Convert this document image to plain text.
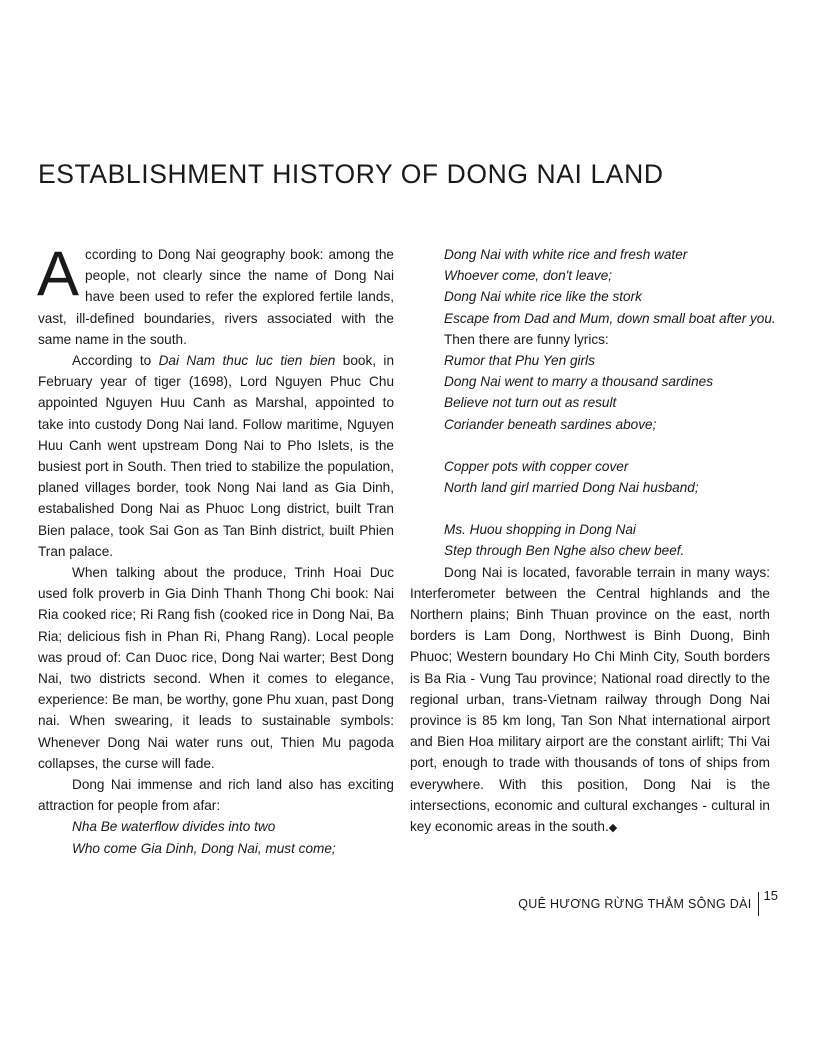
ESTABLISHMENT HISTORY OF DONG NAI LAND

According to Dong Nai geography book: among the people, not clearly since the name of Dong Nai have been used to refer the explored fertile lands, vast, ill-defined boundaries, rivers associated with the same name in the south.

According to Dai Nam thuc luc tien bien book, in February year of tiger (1698), Lord Nguyen Phuc Chu appointed Nguyen Huu Canh as Marshal, appointed to take into custody Dong Nai land. Follow maritime, Nguyen Huu Canh went upstream Dong Nai to Pho Islets, is the busiest port in South. Then tried to stabilize the population, planed villages border, took Nong Nai land as Gia Dinh, estabalished Dong Nai as Phuoc Long district, built Tran Bien palace, took Sai Gon as Tan Binh district, built Phien Tran palace.

When talking about the produce, Trinh Hoai Duc used folk proverb in Gia Dinh Thanh Thong Chi book: Nai Ria cooked rice; Ri Rang fish (cooked rice in Dong Nai, Ba Ria; delicious fish in Phan Ri, Phang Rang). Local people was proud of: Can Duoc rice, Dong Nai warter; Best Dong Nai, two districts second. When it comes to elegance, experience: Be man, be worthy, gone Phu xuan, past Dong nai. When swearing, it leads to sustainable symbols: Whenever Dong Nai water runs out, Thien Mu pagoda collapses, the curse will fade.

Dong Nai immense and rich land also has exciting attraction for people from afar:

Nha Be waterflow divides into two

Who come Gia Dinh, Dong Nai, must come;

Dong Nai with white rice and fresh water

Whoever come, don't leave;

Dong Nai white rice like the stork

Escape from Dad and Mum, down small boat after you.

Then there are funny lyrics:

Rumor that Phu Yen girls

Dong Nai went to marry a thousand sardines

Believe not turn out as result

Coriander beneath sardines above;

Copper pots with copper cover

North land girl married Dong Nai husband;

Ms. Huou shopping in Dong Nai

Step through Ben Nghe also chew beef.

Dong Nai is located, favorable terrain in many ways: Interferometer between the Central highlands and the Northern plains; Binh Thuan province on the east, north borders is Lam Dong, Northwest is Binh Duong, Binh Phuoc; Western boundary Ho Chi Minh City, South borders is Ba Ria - Vung Tau province; National road directly to the regional urban, trans-Vietnam railway through Dong Nai province is 85 km long, Tan Son Nhat international airport and Bien Hoa military airport are the constant airlift; Thi Vai port, enough to trade with thousands of tons of ships from everywhere. With this position, Dong Nai is the intersections, economic and cultural exchanges - cultural in key economic areas in the south.◆

QUÊ HƯƠNG RỪNG THẮM SÔNG DÀI
15
